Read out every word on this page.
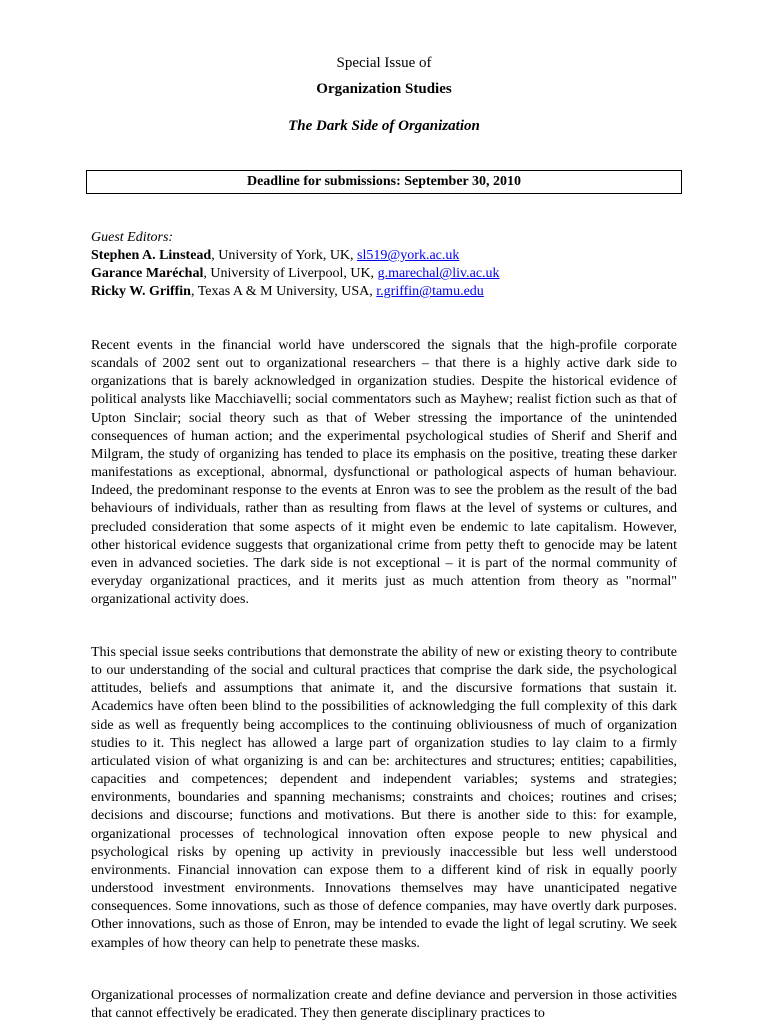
Special Issue of
Organization Studies
The Dark Side of Organization
Deadline for submissions: September 30, 2010
Guest Editors:
Stephen A. Linstead, University of York, UK, sl519@york.ac.uk
Garance Maréchal, University of Liverpool, UK, g.marechal@liv.ac.uk
Ricky W. Griffin, Texas A & M University, USA, r.griffin@tamu.edu

Recent events in the financial world have underscored the signals that the high-profile corporate scandals of 2002 sent out to organizational researchers – that there is a highly active dark side to organizations that is barely acknowledged in organization studies. Despite the historical evidence of political analysts like Macchiavelli; social commentators such as Mayhew; realist fiction such as that of Upton Sinclair; social theory such as that of Weber stressing the importance of the unintended consequences of human action; and the experimental psychological studies of Sherif and Sherif and Milgram, the study of organizing has tended to place its emphasis on the positive, treating these darker manifestations as exceptional, abnormal, dysfunctional or pathological aspects of human behaviour. Indeed, the predominant response to the events at Enron was to see the problem as the result of the bad behaviours of individuals, rather than as resulting from flaws at the level of systems or cultures, and precluded consideration that some aspects of it might even be endemic to late capitalism. However, other historical evidence suggests that organizational crime from petty theft to genocide may be latent even in advanced societies. The dark side is not exceptional – it is part of the normal community of everyday organizational practices, and it merits just as much attention from theory as "normal" organizational activity does.

This special issue seeks contributions that demonstrate the ability of new or existing theory to contribute to our understanding of the social and cultural practices that comprise the dark side, the psychological attitudes, beliefs and assumptions that animate it, and the discursive formations that sustain it. Academics have often been blind to the possibilities of acknowledging the full complexity of this dark side as well as frequently being accomplices to the continuing obliviousness of much of organization studies to it. This neglect has allowed a large part of organization studies to lay claim to a firmly articulated vision of what organizing is and can be: architectures and structures; entities; capabilities, capacities and competences; dependent and independent variables; systems and strategies; environments, boundaries and spanning mechanisms; constraints and choices; routines and crises; decisions and discourse; functions and motivations. But there is another side to this: for example, organizational processes of technological innovation often expose people to new physical and psychological risks by opening up activity in previously inaccessible but less well understood environments. Financial innovation can expose them to a different kind of risk in equally poorly understood investment environments. Innovations themselves may have unanticipated negative consequences. Some innovations, such as those of defence companies, may have overtly dark purposes. Other innovations, such as those of Enron, may be intended to evade the light of legal scrutiny. We seek examples of how theory can help to penetrate these masks.

Organizational processes of normalization create and define deviance and perversion in those activities that cannot effectively be eradicated. They then generate disciplinary practices to
